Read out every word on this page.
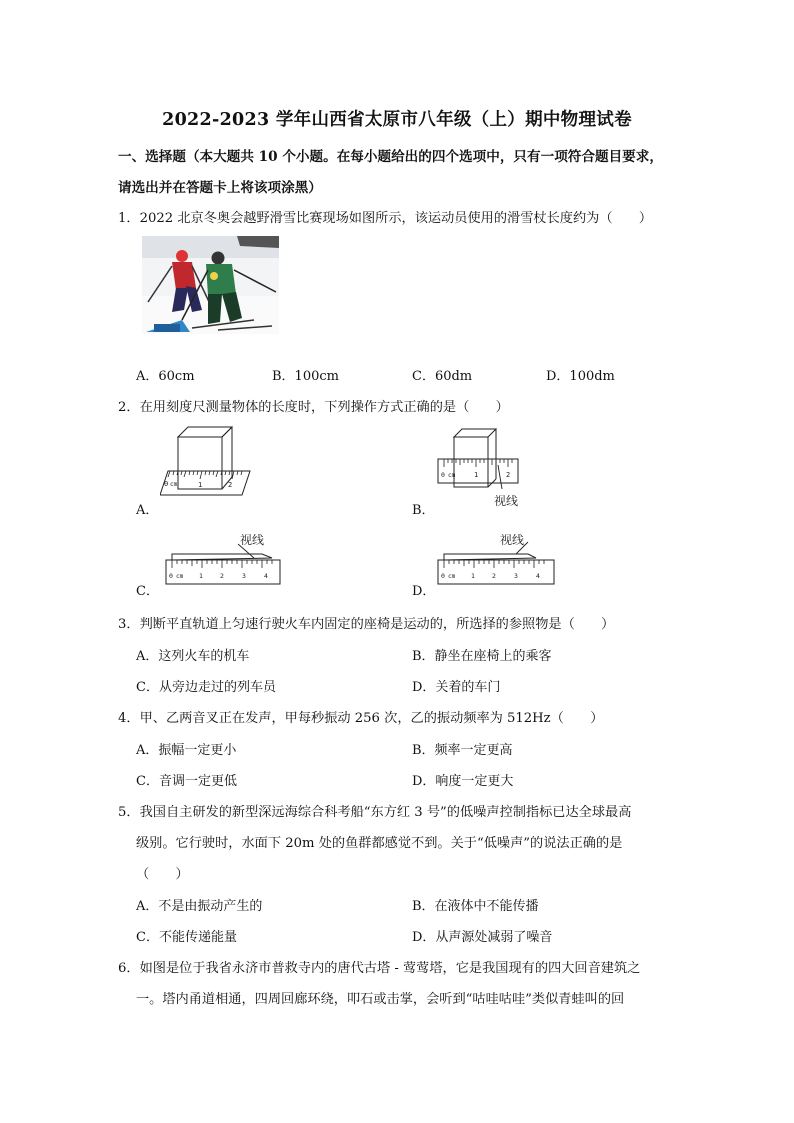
2022-2023 学年山西省太原市八年级（上）期中物理试卷
一、选择题（本大题共 10 个小题。在每小题给出的四个选项中，只有一项符合题目要求，
请选出并在答题卡上将该项涂黑）
1．2022 北京冬奥会越野滑雪比赛现场如图所示，该运动员使用的滑雪杖长度约为（　　）
A．60cm	B．100cm	C．60dm	D．100dm
2．在用刻度尺测量物体的长度时，下列操作方式正确的是（　　）
A．
0 cm	1	2
B．
0 cm	1	2
视线
C．
视线
0 cm 1	2	3	4
D．
视线
0 cm 1	2	3	4
3．判断平直轨道上匀速行驶火车内固定的座椅是运动的，所选择的参照物是（　　）
A．这列火车的机车	B．静坐在座椅上的乘客
C．从旁边走过的列车员	D．关着的车门
4．甲、乙两音叉正在发声，甲每秒振动 256 次，乙的振动频率为 512Hz（　　）
A．振幅一定更小	B．频率一定更高
C．音调一定更低	D．响度一定更大
5．我国自主研发的新型深远海综合科考船“东方红 3 号”的低噪声控制指标已达全球最高
级别。它行驶时，水面下 20m 处的鱼群都感觉不到。关于“低噪声”的说法正确的是
（　　）
A．不是由振动产生的	B．在液体中不能传播
C．不能传递能量	D．从声源处减弱了噪音
6．如图是位于我省永济市普救寺内的唐代古塔 - 莺莺塔，它是我国现有的四大回音建筑之
一。塔内甬道相通，四周回廊环绕，叩石或击掌，会听到“咕哇咕哇”类似青蛙叫的回
